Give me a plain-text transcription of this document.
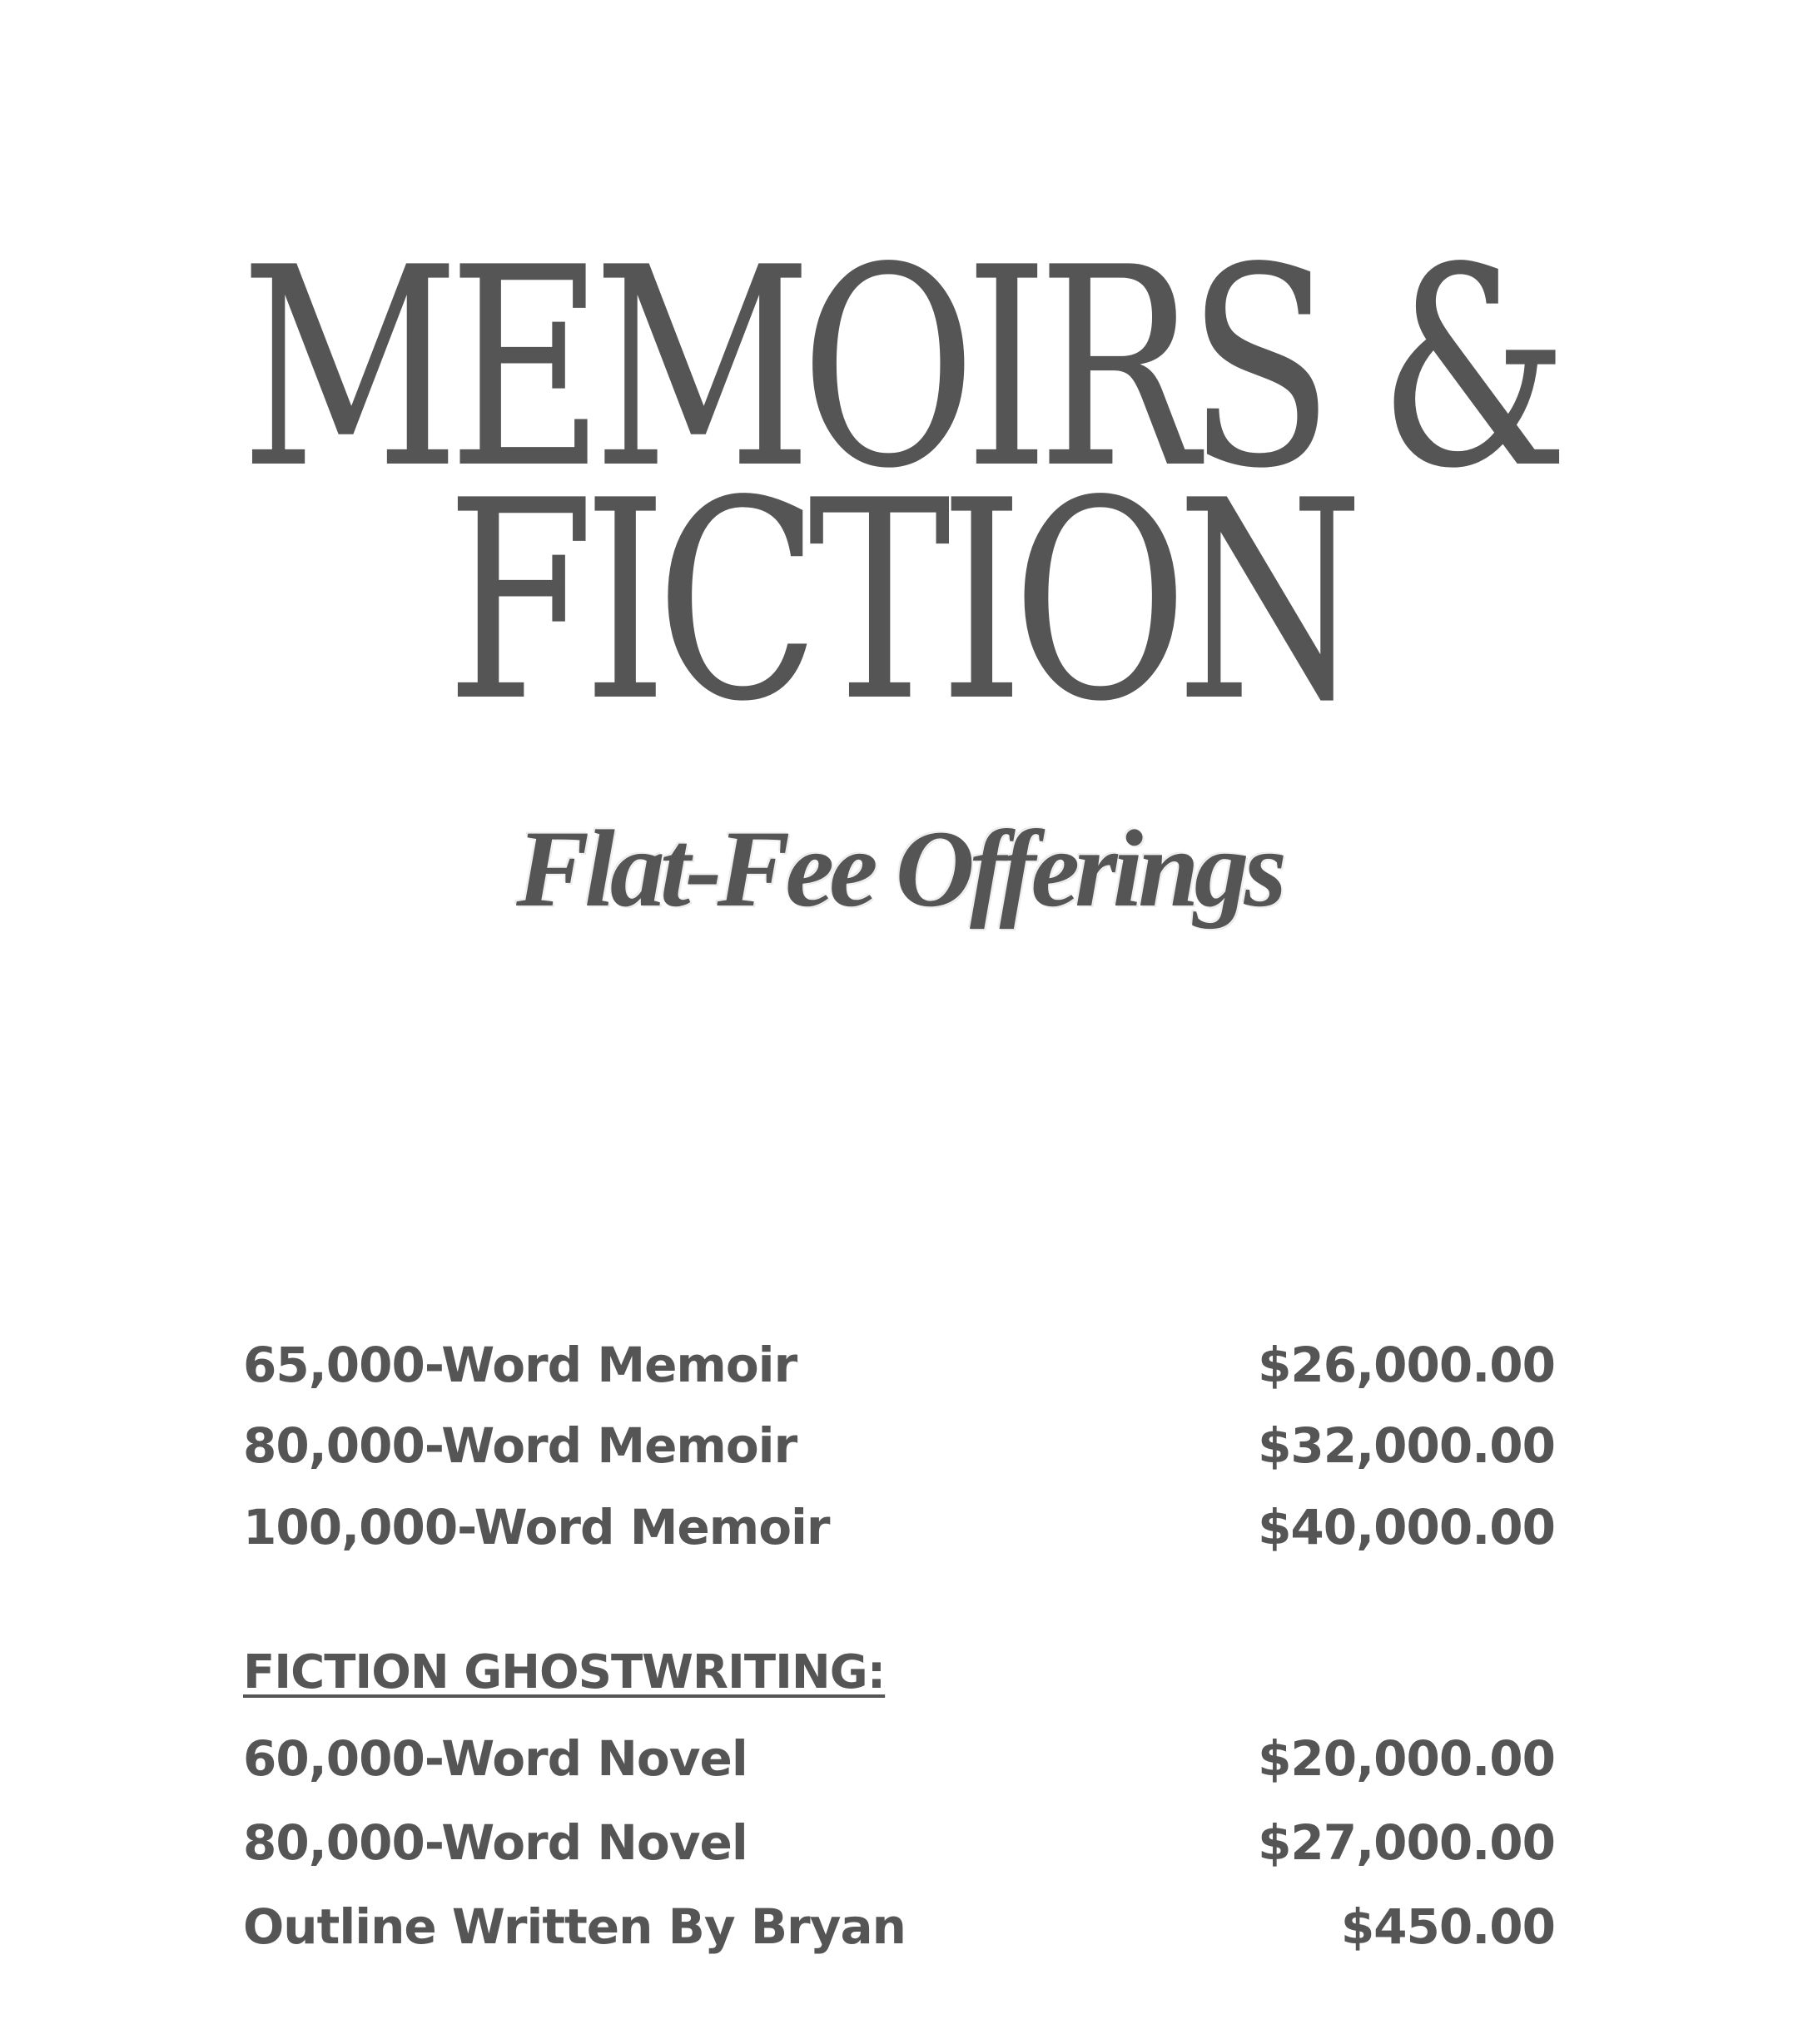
MEMOIRS &
FICTION
Flat-Fee Offerings
65,000-Word Memoir	$26,000.00
80,000-Word Memoir	$32,000.00
100,000-Word Memoir	$40,000.00
FICTION GHOSTWRITING:
60,000-Word Novel	$20,000.00
80,000-Word Novel	$27,000.00
Outline Written By Bryan	$450.00
